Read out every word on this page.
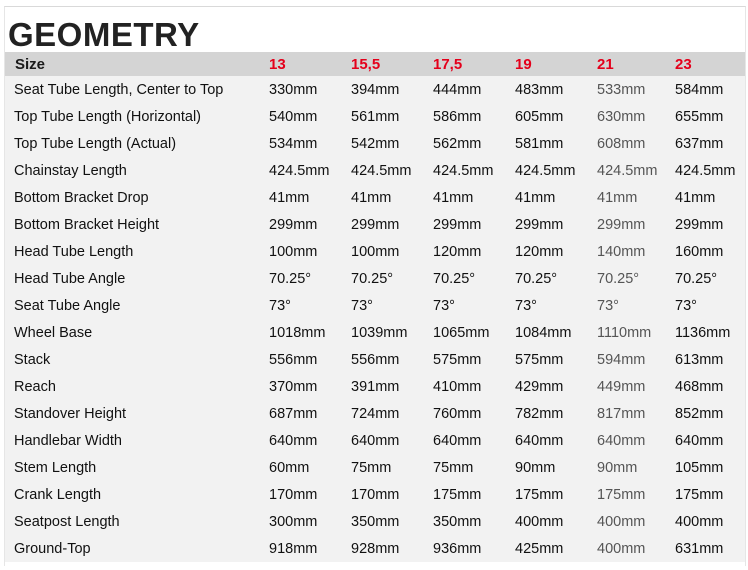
GEOMETRY
Size	13	15,5	17,5	19	21	23
Seat Tube Length, Center to Top	330mm	394mm	444mm	483mm	533mm	584mm
Top Tube Length (Horizontal)	540mm	561mm	586mm	605mm	630mm	655mm
Top Tube Length (Actual)	534mm	542mm	562mm	581mm	608mm	637mm
Chainstay Length	424.5mm	424.5mm	424.5mm	424.5mm	424.5mm	424.5mm
Bottom Bracket Drop	41mm	41mm	41mm	41mm	41mm	41mm
Bottom Bracket Height	299mm	299mm	299mm	299mm	299mm	299mm
Head Tube Length	100mm	100mm	120mm	120mm	140mm	160mm
Head Tube Angle	70.25°	70.25°	70.25°	70.25°	70.25°	70.25°
Seat Tube Angle	73°	73°	73°	73°	73°	73°
Wheel Base	1018mm	1039mm	1065mm	1084mm	1110mm	1136mm
Stack	556mm	556mm	575mm	575mm	594mm	613mm
Reach	370mm	391mm	410mm	429mm	449mm	468mm
Standover Height	687mm	724mm	760mm	782mm	817mm	852mm
Handlebar Width	640mm	640mm	640mm	640mm	640mm	640mm
Stem Length	60mm	75mm	75mm	90mm	90mm	105mm
Crank Length	170mm	170mm	175mm	175mm	175mm	175mm
Seatpost Length	300mm	350mm	350mm	400mm	400mm	400mm
Ground-Top	918mm	928mm	936mm	425mm	400mm	631mm
